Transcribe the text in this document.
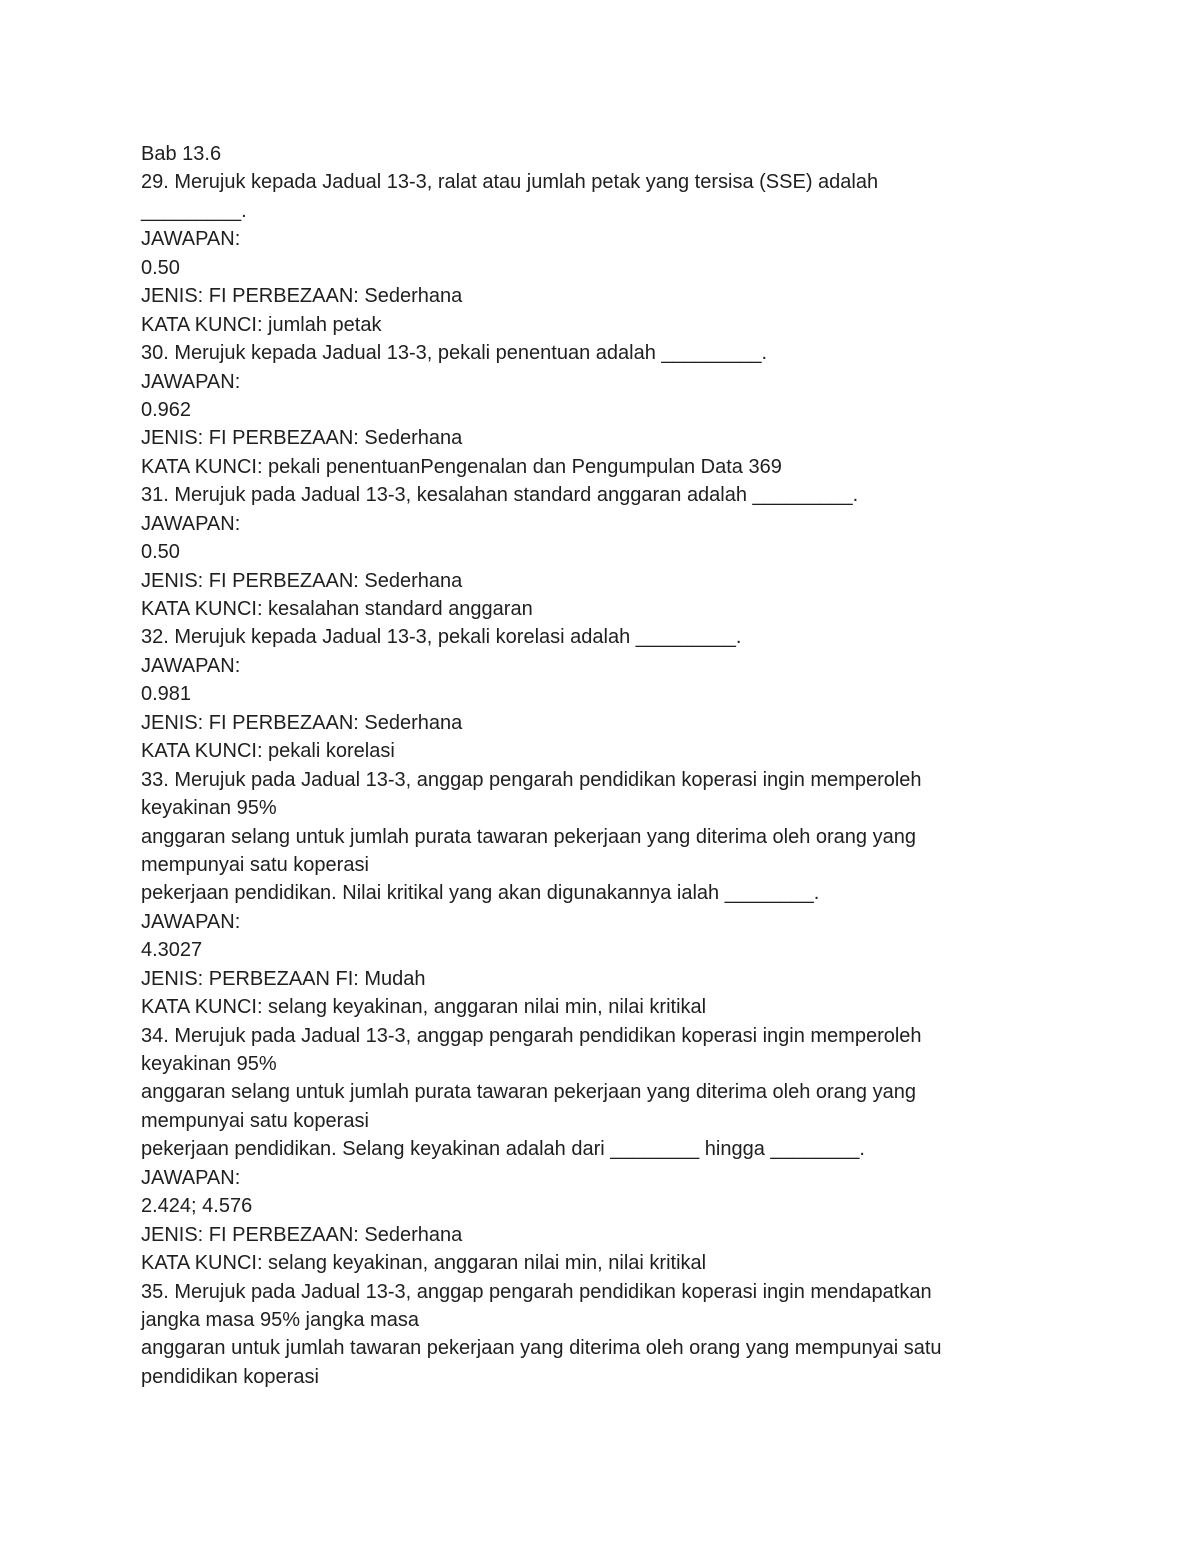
Bab 13.6

29. Merujuk kepada Jadual 13-3, ralat atau jumlah petak yang tersisa (SSE) adalah

_________.

JAWAPAN:

0.50

JENIS: FI PERBEZAAN: Sederhana

KATA KUNCI: jumlah petak

30. Merujuk kepada Jadual 13-3, pekali penentuan adalah _________.

JAWAPAN:

0.962

JENIS: FI PERBEZAAN: Sederhana

KATA KUNCI: pekali penentuanPengenalan dan Pengumpulan Data 369

31. Merujuk pada Jadual 13-3, kesalahan standard anggaran adalah _________.

JAWAPAN:

0.50

JENIS: FI PERBEZAAN: Sederhana

KATA KUNCI: kesalahan standard anggaran

32. Merujuk kepada Jadual 13-3, pekali korelasi adalah _________.

JAWAPAN:

0.981

JENIS: FI PERBEZAAN: Sederhana

KATA KUNCI: pekali korelasi

33. Merujuk pada Jadual 13-3, anggap pengarah pendidikan koperasi ingin memperoleh

keyakinan 95%

anggaran selang untuk jumlah purata tawaran pekerjaan yang diterima oleh orang yang

mempunyai satu koperasi

pekerjaan pendidikan. Nilai kritikal yang akan digunakannya ialah ________.

JAWAPAN:

4.3027

JENIS: PERBEZAAN FI: Mudah

KATA KUNCI: selang keyakinan, anggaran nilai min, nilai kritikal

34. Merujuk pada Jadual 13-3, anggap pengarah pendidikan koperasi ingin memperoleh

keyakinan 95%

anggaran selang untuk jumlah purata tawaran pekerjaan yang diterima oleh orang yang

mempunyai satu koperasi

pekerjaan pendidikan. Selang keyakinan adalah dari ________ hingga ________.

JAWAPAN:

2.424; 4.576

JENIS: FI PERBEZAAN: Sederhana

KATA KUNCI: selang keyakinan, anggaran nilai min, nilai kritikal

35. Merujuk pada Jadual 13-3, anggap pengarah pendidikan koperasi ingin mendapatkan

jangka masa 95% jangka masa

anggaran untuk jumlah tawaran pekerjaan yang diterima oleh orang yang mempunyai satu

pendidikan koperasi
